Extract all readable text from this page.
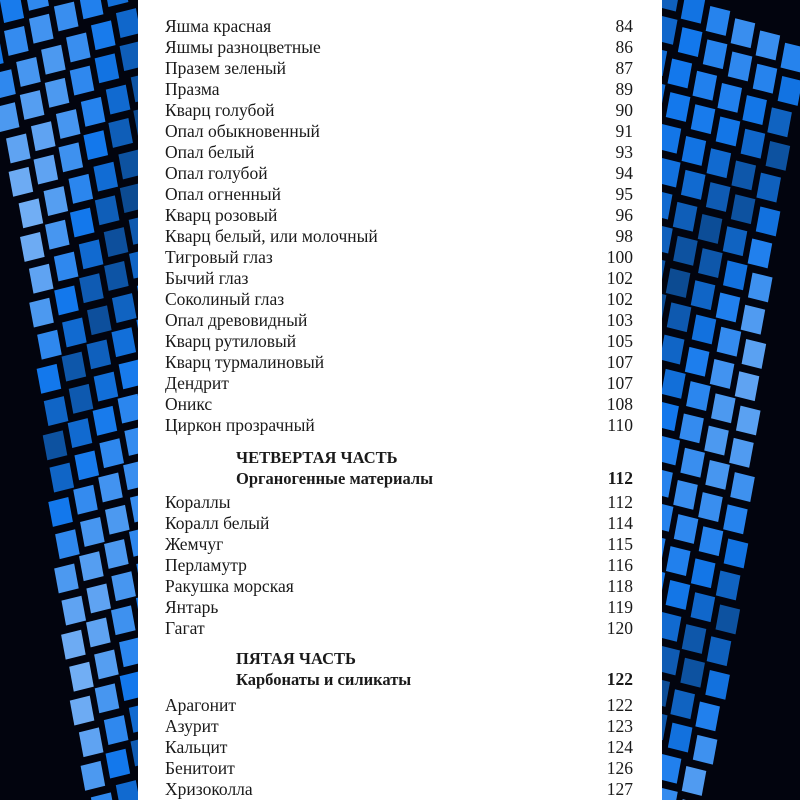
Яшма красная	84
Яшмы разноцветные	86
Празем зеленый	87
Празма	89
Кварц голубой	90
Опал обыкновенный	91
Опал белый	93
Опал голубой	94
Опал огненный	95
Кварц розовый	96
Кварц белый, или молочный	98
Тигровый глаз	100
Бычий глаз	102
Соколиный глаз	102
Опал древовидный	103
Кварц рутиловый	105
Кварц турмалиновый	107
Дендрит	107
Оникс	108
Циркон прозрачный	110
ЧЕТВЕРТАЯ ЧАСТЬ
Органогенные материалы	112
Кораллы	112
Коралл белый	114
Жемчуг	115
Перламутр	116
Ракушка морская	118
Янтарь	119
Гагат	120
ПЯТАЯ ЧАСТЬ
Карбонаты и силикаты	122
Арагонит	122
Азурит	123
Кальцит	124
Бенитоит	126
Хризоколла	127
